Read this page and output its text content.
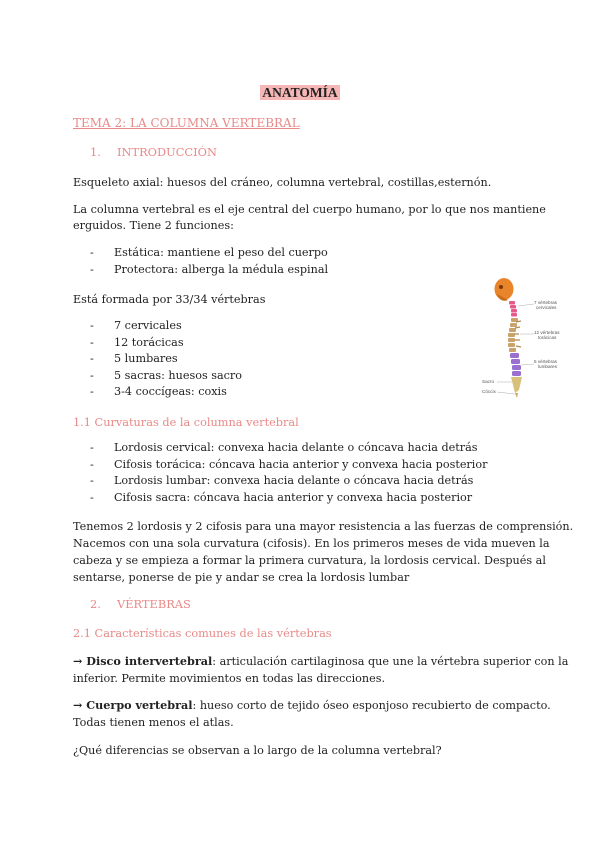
ANATOMÍA
TEMA 2: LA COLUMNA VERTEBRAL
1. INTRODUCCIÓN
Esqueleto axial: huesos del cráneo, columna vertebral, costillas,esternón.
La columna vertebral es el eje central del cuerpo humano, por lo que nos mantiene
erguidos. Tiene 2 funciones:
- Estática: mantiene el peso del cuerpo
- Protectora: alberga la médula espinal
Está formada por 33/34 vértebras
- 7 cervicales
- 12 torácicas
- 5 lumbares
- 5 sacras: huesos sacro
- 3-4 coccígeas: coxis
7 vértebras
cervicales
12 vértebras
torácicas
5 vértebras
lumbares
Sacro
Cóccix
1.1 Curvaturas de la columna vertebral
- Lordosis cervical: convexa hacia delante o cóncava hacia detrás
- Cifosis torácica: cóncava hacia anterior y convexa hacia posterior
- Lordosis lumbar: convexa hacia delante o cóncava hacia detrás
- Cifosis sacra: cóncava hacia anterior y convexa hacia posterior

Tenemos 2 lordosis y 2 cifosis para una mayor resistencia a las fuerzas de comprensión.

Nacemos con una sola curvatura (cifosis). En los primeros meses de vida mueven la

cabeza y se empieza a formar la primera curvatura, la lordosis cervical. Después al

sentarse, ponerse de pie y andar se crea la lordosis lumbar

2. VÉRTEBRAS
2.1 Características comunes de las vértebras

→ Disco intervertebral: articulación cartilaginosa que une la vértebra superior con la

inferior. Permite movimientos en todas las direcciones.

→ Cuerpo vertebral: hueso corto de tejido óseo esponjoso recubierto de compacto.

Todas tienen menos el atlas.

¿Qué diferencias se observan a lo largo de la columna vertebral?
